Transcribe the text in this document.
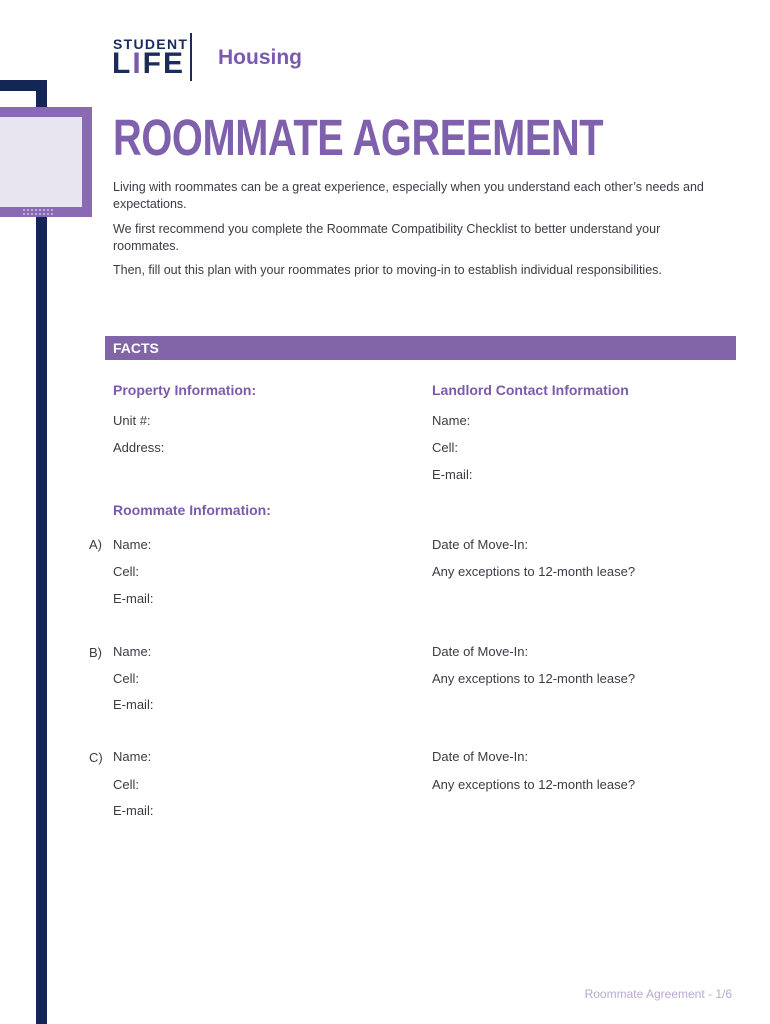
STUDENT
LIFE Housing
ROOMMATE AGREEMENT
Living with roommates can be a great experience, especially when you understand each other’s needs and expectations.
We first recommend you complete the Roommate Compatibility Checklist to better understand your roommates.
Then, fill out this plan with your roommates prior to moving-in to establish individual responsibilities.
FACTS
Property Information:	Landlord Contact Information
Unit #:
Address:
Name:
Cell:
E-mail:
Roommate Information:
A) Name:
Cell:
E-mail:
Date of Move-In:
Any exceptions to 12-month lease?
B) Name:
Cell:
E-mail:
Date of Move-In:
Any exceptions to 12-month lease?
C) Name:
Cell:
E-mail:
Date of Move-In:
Any exceptions to 12-month lease?
Roommate Agreement - 1/6
